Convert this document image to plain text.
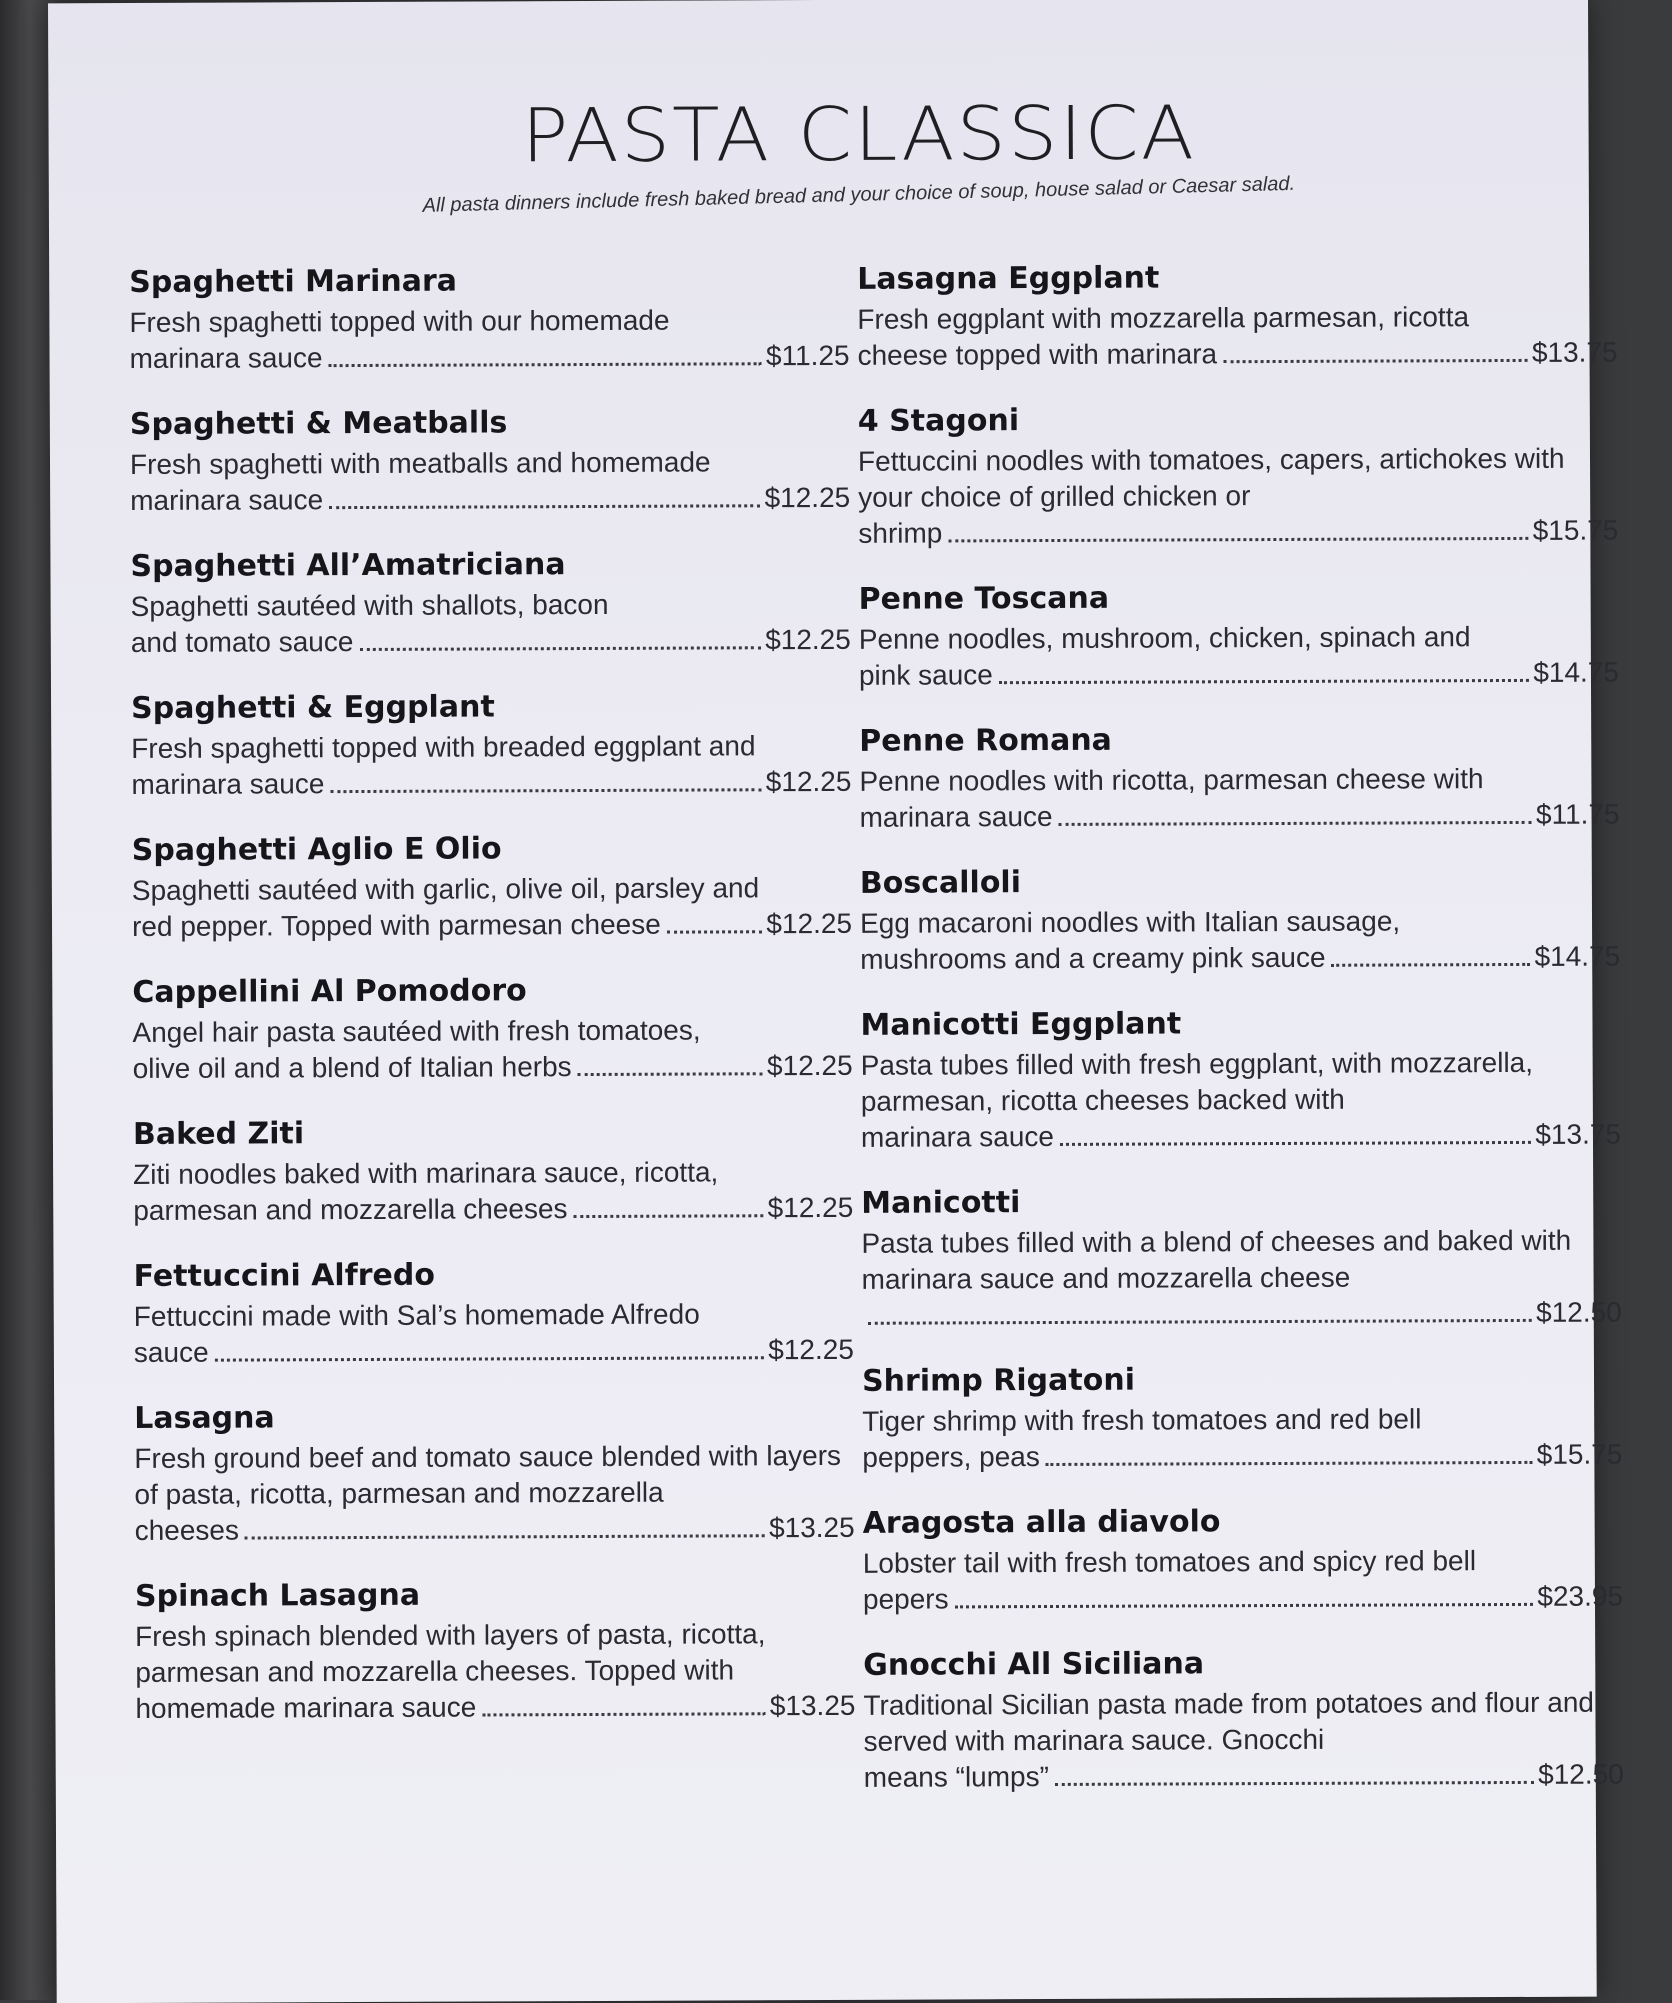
PASTA CLASSICA
All pasta dinners include fresh baked bread and your choice of soup, house salad or Caesar salad.
Spaghetti Marinara
Fresh spaghetti topped with our homemade
marinara sauce	$11.25
Spaghetti & Meatballs
Fresh spaghetti with meatballs and homemade
marinara sauce	$12.25
Spaghetti All’Amatriciana
Spaghetti sautéed with shallots, bacon
and tomato sauce	$12.25
Spaghetti & Eggplant
Fresh spaghetti topped with breaded eggplant and
marinara sauce	$12.25
Spaghetti Aglio E Olio
Spaghetti sautéed with garlic, olive oil, parsley and
red pepper. Topped with parmesan cheese	$12.25
Cappellini Al Pomodoro
Angel hair pasta sautéed with fresh tomatoes,
olive oil and a blend of Italian herbs	$12.25
Baked Ziti
Ziti noodles baked with marinara sauce, ricotta,
parmesan and mozzarella cheeses	$12.25
Fettuccini Alfredo
Fettuccini made with Sal’s homemade Alfredo
sauce	$12.25
Lasagna
Fresh ground beef and tomato sauce blended with layers of pasta, ricotta, parmesan and mozzarella
cheeses	$13.25
Spinach Lasagna
Fresh spinach blended with layers of pasta, ricotta, parmesan and mozzarella cheeses. Topped with
homemade marinara sauce	$13.25
Lasagna Eggplant
Fresh eggplant with mozzarella parmesan, ricotta
cheese topped with marinara	$13.75
4 Stagoni
Fettuccini noodles with tomatoes, capers, artichokes with your choice of grilled chicken or
shrimp	$15.75
Penne Toscana
Penne noodles, mushroom, chicken, spinach and
pink sauce	$14.75
Penne Romana
Penne noodles with ricotta, parmesan cheese with
marinara sauce	$11.75
Boscalloli
Egg macaroni noodles with Italian sausage,
mushrooms and a creamy pink sauce	$14.75
Manicotti Eggplant
Pasta tubes filled with fresh eggplant, with mozzarella, parmesan, ricotta cheeses backed with
marinara sauce	$13.75
Manicotti
Pasta tubes filled with a blend of cheeses and baked with marinara sauce and mozzarella cheese
$12.50
Shrimp Rigatoni
Tiger shrimp with fresh tomatoes and red bell
peppers, peas	$15.75
Aragosta alla diavolo
Lobster tail with fresh tomatoes and spicy red bell
pepers	$23.95
Gnocchi All Siciliana
Traditional Sicilian pasta made from potatoes and flour and served with marinara sauce. Gnocchi
means “lumps”	$12.50
